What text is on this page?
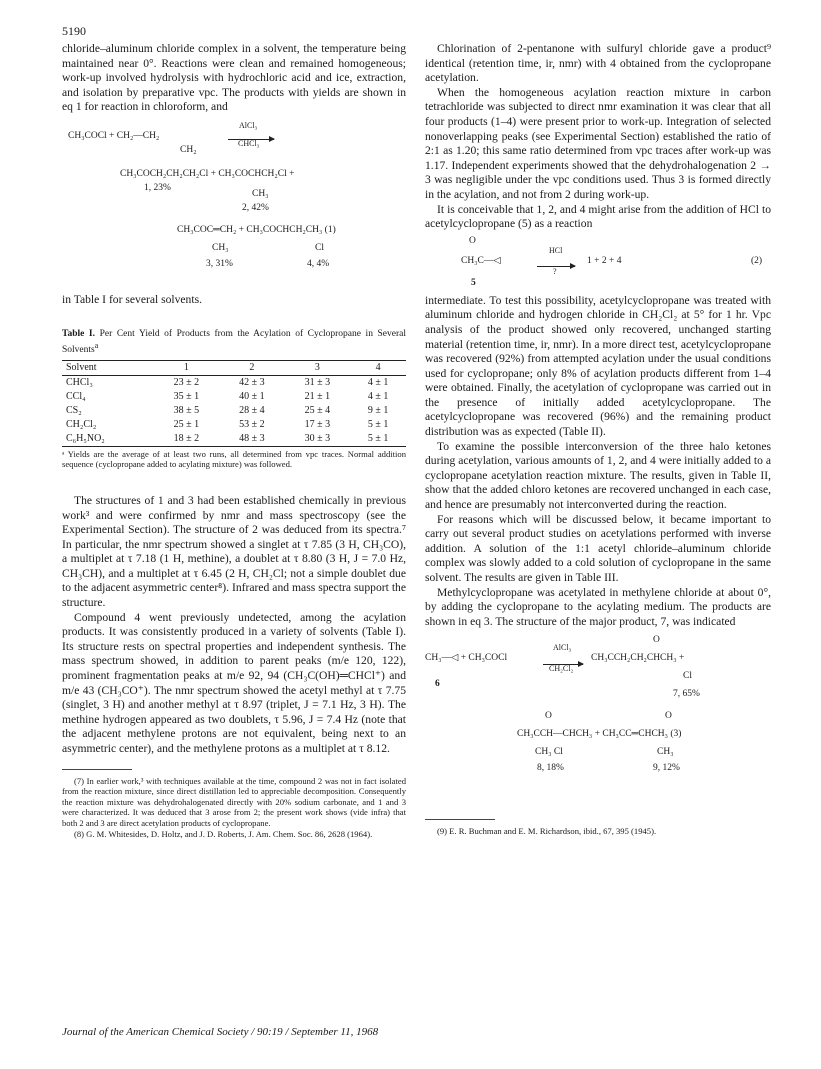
5190

chloride–aluminum chloride complex in a solvent, the temperature being maintained near 0°. Reactions were clean and remained homogeneous; work-up involved hydrolysis with hydrochloric acid and ice, extraction, and isolation by preparative vpc. The products with yields are shown in eq 1 for reaction in chloroform, and

CH₃COCl + CH₂—CH₂
CH₂
AlCl₃
CHCl₃
CH₃COCH₂CH₂CH₂Cl + CH₃COCHCH₂Cl +
1, 23%
CH₃
2, 42%
CH₃COC═CH₂ + CH₃COCHCH₂CH₃ (1)
CH₃	Cl
3, 31%	4, 4%

in Table I for several solvents.

Table I. Per Cent Yield of Products from the Acylation of Cyclopropane in Several Solvents$^a$
Solvent	1	2	3	4
CHCl₃	23 ± 2	42 ± 3	31 ± 3	4 ± 1
CCl₄	35 ± 1	40 ± 1	21 ± 1	4 ± 1
CS₂	38 ± 5	28 ± 4	25 ± 4	9 ± 1
CH₂Cl₂	25 ± 1	53 ± 2	17 ± 3	5 ± 1
C₆H₅NO₂	18 ± 2	48 ± 3	30 ± 3	5 ± 1

ᵃ Yields are the average of at least two runs, all determined from vpc traces. Normal addition sequence (cyclopropane added to acylating mixture) was followed.

The structures of 1 and 3 had been established chemically in previous work³ and were confirmed by nmr and mass spectroscopy (see the Experimental Section). The structure of 2 was deduced from its spectra.⁷ In particular, the nmr spectrum showed a singlet at τ 7.85 (3 H, CH₃CO), a multiplet at τ 7.18 (1 H, methine), a doublet at τ 8.80 (3 H, J = 7.0 Hz, CH₃CH), and a multiplet at τ 6.45 (2 H, CH₂Cl; not a simple doublet due to the adjacent asymmetric center⁸). Infrared and mass spectra support the structure.

Compound 4 went previously undetected, among the acylation products. It was consistently produced in a variety of solvents (Table I). Its structure rests on spectral properties and independent synthesis. The mass spectrum showed, in addition to parent peaks (m/e 120, 122), prominent fragmentation peaks at m/e 92, 94 (CH₃C(OH)═CHCl⁺) and m/e 43 (CH₃CO⁺). The nmr spectrum showed the acetyl methyl at τ 7.75 (singlet, 3 H) and another methyl at τ 8.97 (triplet, J = 7.1 Hz, 3 H). The methine hydrogen appeared as two doublets, τ 5.96, J = 7.4 Hz (note that the adjacent methylene protons are not equivalent, being next to an asymmetric center), and the methylene protons as a multiplet at τ 8.12.

(7) In earlier work,³ with techniques available at the time, compound 2 was not in fact isolated from the reaction mixture, since direct distillation led to appreciable decomposition. Consequently the reaction mixture was dehydrohalogenated directly with 20% sodium carbonate, and 1 and 3 were characterized. It was deduced that 3 arose from 2; the present work shows (vide infra) that both 2 and 3 are direct acetylation products of cyclopropane.

(8) G. M. Whitesides, D. Holtz, and J. D. Roberts, J. Am. Chem. Soc. 86, 2628 (1964).

Chlorination of 2-pentanone with sulfuryl chloride gave a product⁹ identical (retention time, ir, nmr) with 4 obtained from the cyclopropane acetylation.

When the homogeneous acylation reaction mixture in carbon tetrachloride was subjected to direct nmr examination it was clear that all four products (1–4) were present prior to work-up. Integration of selected nonoverlapping peaks (see Experimental Section) established the ratio of 2:1 as 1.20; this same ratio determined from vpc traces after work-up was 1.17. Independent experiments showed that the dehydrohalogenation 2 → 3 was negligible under the vpc conditions used. Thus 3 is formed directly in the acylation, and not from 2 during work-up.

It is conceivable that 1, 2, and 4 might arise from the addition of HCl to acetylcyclopropane (5) as a reaction

O
CH₃C—◁
HCl
?
1 + 2 + 4	(2)
5

intermediate. To test this possibility, acetylcyclopropane was treated with aluminum chloride and hydrogen chloride in CH₂Cl₂ at 5° for 1 hr. Vpc analysis of the product showed only recovered, unchanged starting material (retention time, ir, nmr). In a more direct test, acetylcyclopropane was recovered (92%) from attempted acylation under the usual conditions used for cyclopropane; only 8% of acylation products different from 1–4 were obtained. Finally, the acetylation of cyclopropane was carried out in the presence of initially added acetylcyclopropane. The acetylcyclopropane was recovered (96%) and the remaining product distribution was as expected (Table II).

To examine the possible interconversion of the three halo ketones during acetylation, various amounts of 1, 2, and 4 were initially added to a cyclopropane acetylation reaction mixture. The results, given in Table II, show that the added chloro ketones are recovered unchanged in each case, and hence are presumably not interconverted during the reaction.

For reasons which will be discussed below, it became important to carry out several product studies on acetylations performed with inverse addition. A solution of the 1:1 acetyl chloride–aluminum chloride complex was slowly added to a cold solution of cyclopropane in the same solvent. The results are given in Table III.

Methylcyclopropane was acetylated in methylene chloride at about 0°, by adding the cyclopropane to the acylating medium. The products are shown in eq 3. The structure of the major product, 7, was indicated

O
CH₃—◁ + CH₃COCl
AlCl₃
CH₂Cl₂
CH₃CCH₂CH₂CHCH₃ +
Cl
6
7, 65%
O	O
CH₃CCH—CHCH₃ + CH₃CC═CHCH₃ (3)
CH₃ Cl	CH₃
8, 18%	9, 12%

(9) E. R. Buchman and E. M. Richardson, ibid., 67, 395 (1945).

Journal of the American Chemical Society / 90:19 / September 11, 1968
